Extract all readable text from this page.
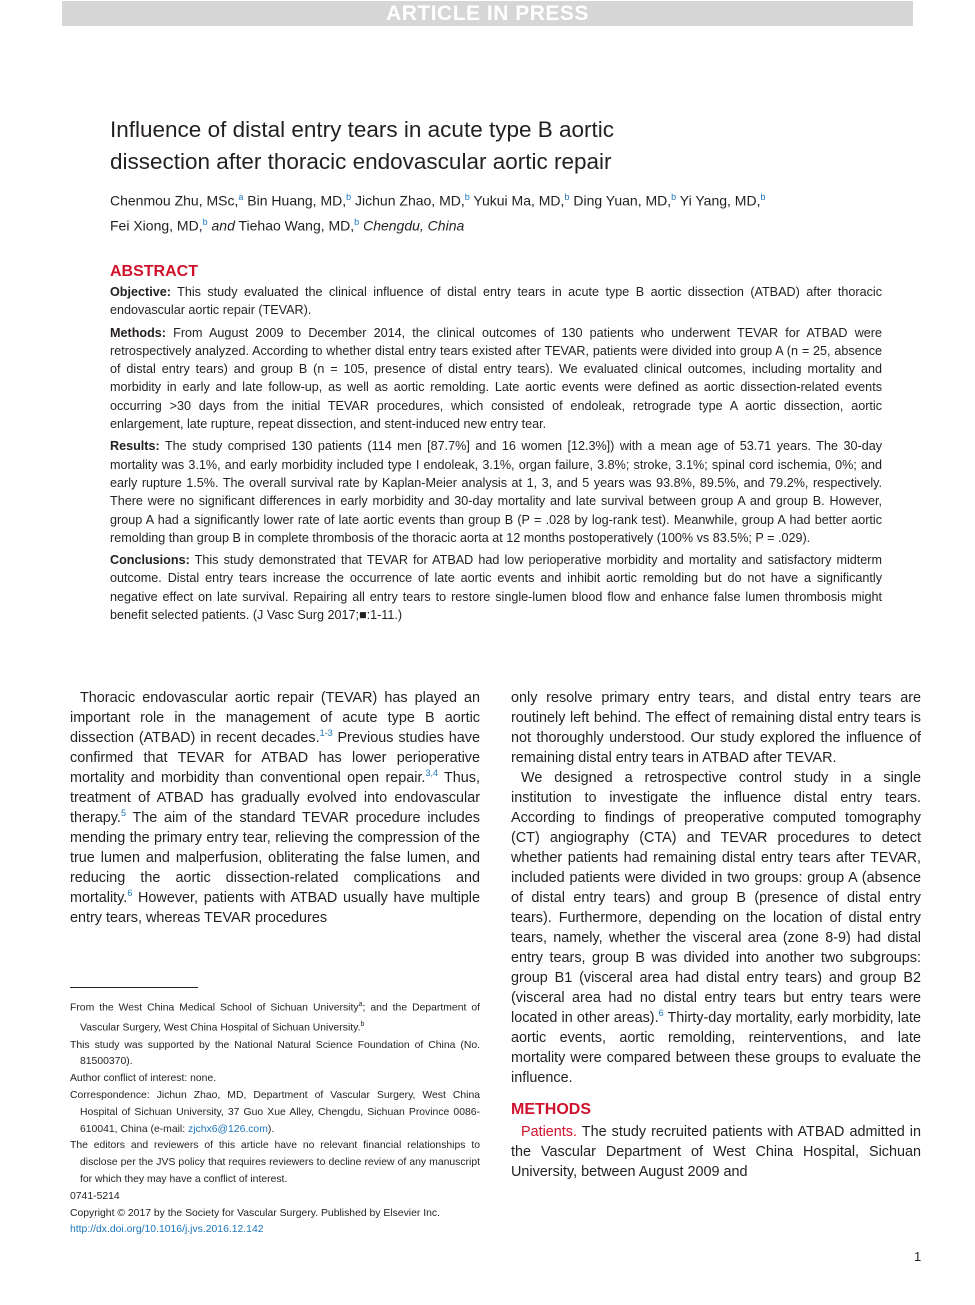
ARTICLE IN PRESS
Influence of distal entry tears in acute type B aortic
dissection after thoracic endovascular aortic repair
Chenmou Zhu, MSc,$^a$ Bin Huang, MD,$^b$ Jichun Zhao, MD,$^b$ Yukui Ma, MD,$^b$ Ding Yuan, MD,$^b$ Yi Yang, MD,$^b$
Fei Xiong, MD,$^b$ and Tiehao Wang, MD,$^b$ Chengdu, China
ABSTRACT

Objective: This study evaluated the clinical influence of distal entry tears in acute type B aortic dissection (ATBAD) after thoracic endovascular aortic repair (TEVAR).

Methods: From August 2009 to December 2014, the clinical outcomes of 130 patients who underwent TEVAR for ATBAD were retrospectively analyzed. According to whether distal entry tears existed after TEVAR, patients were divided into group A (n = 25, absence of distal entry tears) and group B (n = 105, presence of distal entry tears). We evaluated clinical outcomes, including mortality and morbidity in early and late follow-up, as well as aortic remolding. Late aortic events were defined as aortic dissection-related events occurring >30 days from the initial TEVAR procedures, which consisted of endoleak, retrograde type A aortic dissection, aortic enlargement, late rupture, repeat dissection, and stent-induced new entry tear.

Results: The study comprised 130 patients (114 men [87.7%] and 16 women [12.3%]) with a mean age of 53.71 years. The 30-day mortality was 3.1%, and early morbidity included type I endoleak, 3.1%, organ failure, 3.8%; stroke, 3.1%; spinal cord ischemia, 0%; and early rupture 1.5%. The overall survival rate by Kaplan-Meier analysis at 1, 3, and 5 years was 93.8%, 89.5%, and 79.2%, respectively. There were no significant differences in early morbidity and 30-day mortality and late survival between group A and group B. However, group A had a significantly lower rate of late aortic events than group B (P = .028 by log-rank test). Meanwhile, group A had better aortic remolding than group B in complete thrombosis of the thoracic aorta at 12 months postoperatively (100% vs 83.5%; P = .029).

Conclusions: This study demonstrated that TEVAR for ATBAD had low perioperative morbidity and mortality and satisfactory midterm outcome. Distal entry tears increase the occurrence of late aortic events and inhibit aortic remolding but do not have a significantly negative effect on late survival. Repairing all entry tears to restore single-lumen blood flow and enhance false lumen thrombosis might benefit selected patients. (J Vasc Surg 2017;■:1-11.)

Thoracic endovascular aortic repair (TEVAR) has played an important role in the management of acute type B aortic dissection (ATBAD) in recent decades.$^{1-3}$ Previous studies have confirmed that TEVAR for ATBAD has lower perioperative mortality and morbidity than conventional open repair.$^{3,4}$ Thus, treatment of ATBAD has gradually evolved into endovascular therapy.$^5$ The aim of the standard TEVAR procedure includes mending the primary entry tear, relieving the compression of the true lumen and malperfusion, obliterating the false lumen, and reducing the aortic dissection-related complications and mortality.$^6$ However, patients with ATBAD usually have multiple entry tears, whereas TEVAR procedures

From the West China Medical School of Sichuan University$^a$; and the Department of Vascular Surgery, West China Hospital of Sichuan University.$^b$

This study was supported by the National Natural Science Foundation of China (No. 81500370).

Author conflict of interest: none.

Correspondence: Jichun Zhao, MD, Department of Vascular Surgery, West China Hospital of Sichuan University, 37 Guo Xue Alley, Chengdu, Sichuan Province 0086-610041, China (e-mail: zjchx6@126.com).

The editors and reviewers of this article have no relevant financial relationships to disclose per the JVS policy that requires reviewers to decline review of any manuscript for which they may have a conflict of interest.

0741-5214

Copyright © 2017 by the Society for Vascular Surgery. Published by Elsevier Inc.

http://dx.doi.org/10.1016/j.jvs.2016.12.142

only resolve primary entry tears, and distal entry tears are routinely left behind. The effect of remaining distal entry tears is not thoroughly understood. Our study explored the influence of remaining distal entry tears in ATBAD after TEVAR.

We designed a retrospective control study in a single institution to investigate the influence distal entry tears. According to findings of preoperative computed tomography (CT) angiography (CTA) and TEVAR procedures to detect whether patients had remaining distal entry tears after TEVAR, included patients were divided in two groups: group A (absence of distal entry tears) and group B (presence of distal entry tears). Furthermore, depending on the location of distal entry tears, namely, whether the visceral area (zone 8-9) had distal entry tears, group B was divided into another two subgroups: group B1 (visceral area had distal entry tears) and group B2 (visceral area had no distal entry tears but entry tears were located in other areas).$^6$ Thirty-day mortality, early morbidity, late aortic events, aortic remolding, reinterventions, and late mortality were compared between these groups to evaluate the influence.

METHODS

Patients. The study recruited patients with ATBAD admitted in the Vascular Department of West China Hospital, Sichuan University, between August 2009 and

1
